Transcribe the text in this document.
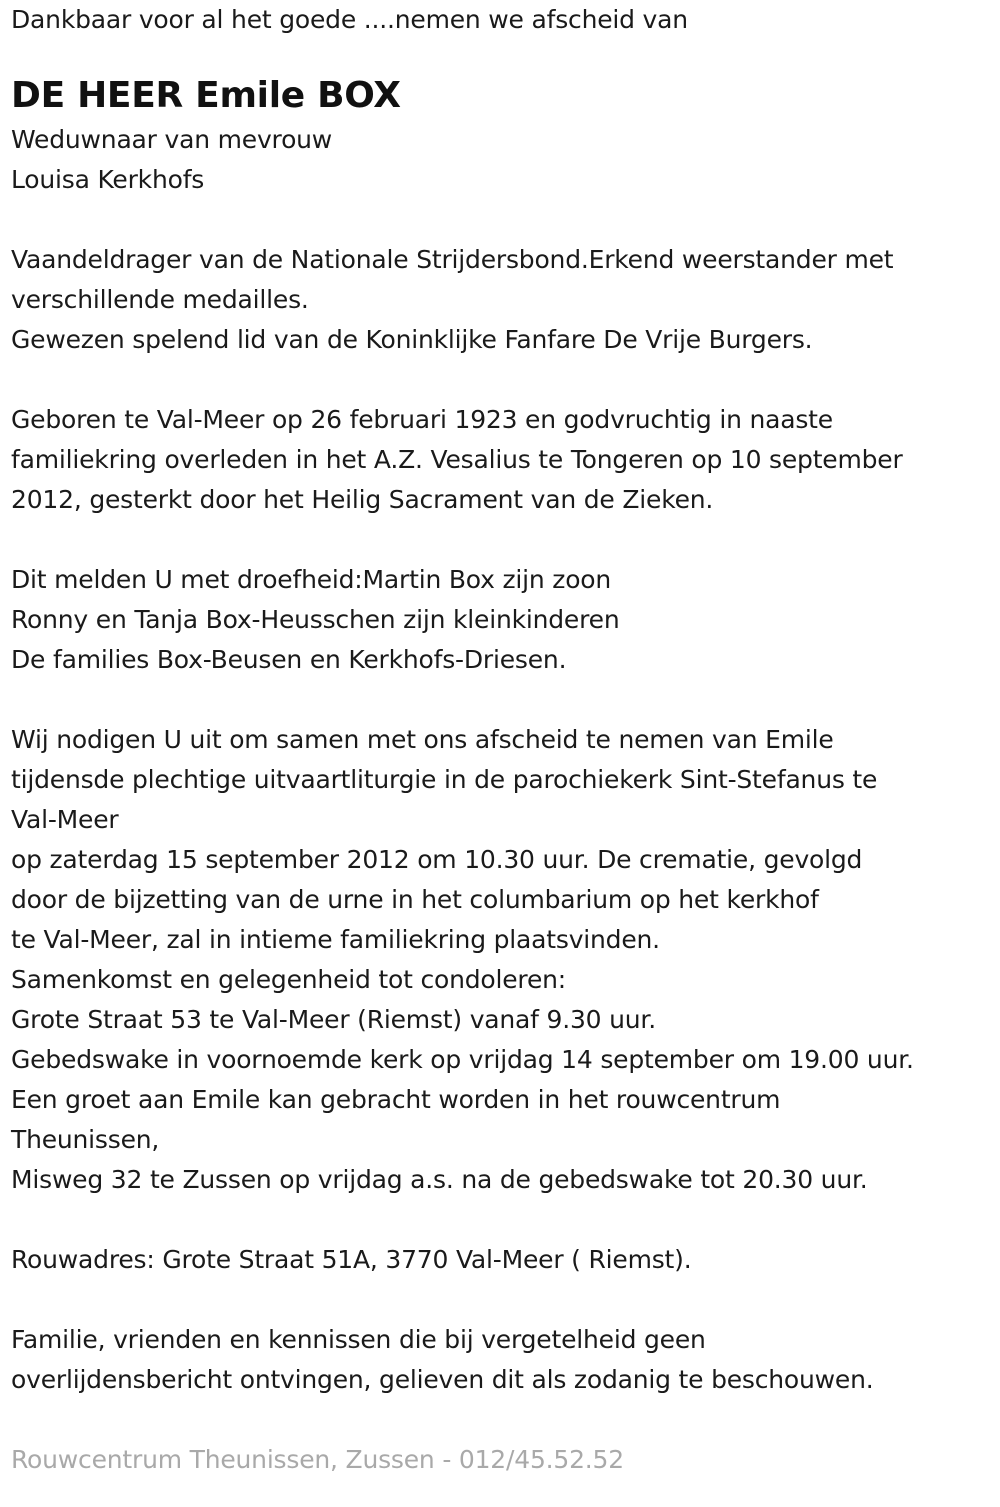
Dankbaar voor al het goede ....nemen we afscheid van
DE HEER Emile BOX
Weduwnaar van mevrouw
Louisa Kerkhofs
Vaandeldrager van de Nationale Strijdersbond.Erkend weerstander met
verschillende medailles.
Gewezen spelend lid van de Koninklijke Fanfare De Vrije Burgers.
Geboren te Val-Meer op 26 februari 1923 en godvruchtig in naaste
familiekring overleden in het A.Z. Vesalius te Tongeren op 10 september
2012, gesterkt door het Heilig Sacrament van de Zieken.
Dit melden U met droefheid:Martin Box zijn zoon
Ronny en Tanja Box-Heusschen zijn kleinkinderen
De families Box-Beusen en Kerkhofs-Driesen.
Wij nodigen U uit om samen met ons afscheid te nemen van Emile
tijdensde plechtige uitvaartliturgie in de parochiekerk Sint-Stefanus te
Val-Meer
op zaterdag 15 september 2012 om 10.30 uur. De crematie, gevolgd
door de bijzetting van de urne in het columbarium op het kerkhof
te Val-Meer, zal in intieme familiekring plaatsvinden.
Samenkomst en gelegenheid tot condoleren:
Grote Straat 53 te Val-Meer (Riemst) vanaf 9.30 uur.
Gebedswake in voornoemde kerk op vrijdag 14 september om 19.00 uur.
Een groet aan Emile kan gebracht worden in het rouwcentrum
Theunissen,
Misweg 32 te Zussen op vrijdag a.s. na de gebedswake tot 20.30 uur.
Rouwadres: Grote Straat 51A, 3770 Val-Meer ( Riemst).
Familie, vrienden en kennissen die bij vergetelheid geen
overlijdensbericht ontvingen, gelieven dit als zodanig te beschouwen.
Rouwcentrum Theunissen, Zussen - 012/45.52.52
